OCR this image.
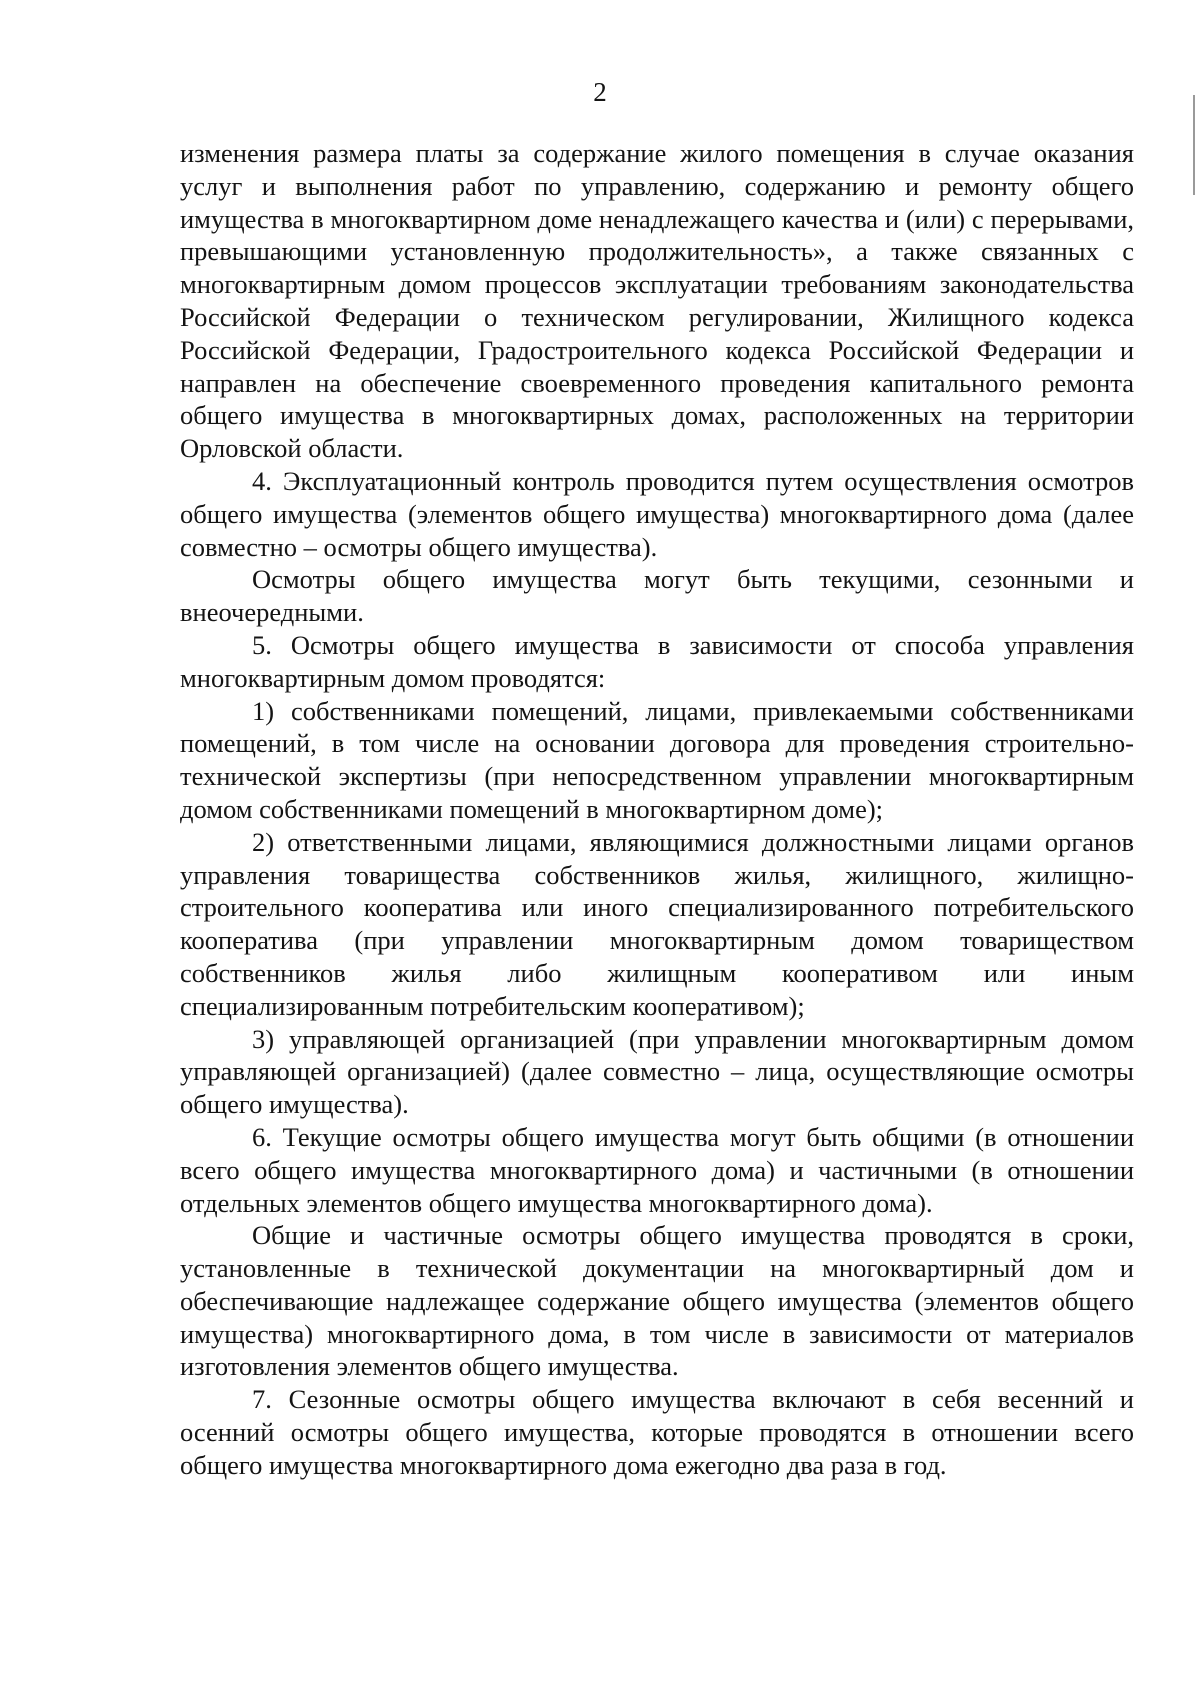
2

изменения размера платы за содержание жилого помещения в случае оказания услуг и выполнения работ по управлению, содержанию и ремонту общего имущества в многоквартирном доме ненадлежащего качества и (или) с перерывами, превышающими установленную продолжительность», а также связанных с многоквартирным домом процессов эксплуатации требованиям законодательства Российской Федерации о техническом регулировании, Жилищного кодекса Российской Федерации, Градостроительного кодекса Российской Федерации и направлен на обеспечение своевременного проведения капитального ремонта общего имущества в многоквартирных домах, расположенных на территории Орловской области.

4. Эксплуатационный контроль проводится путем осуществления осмотров общего имущества (элементов общего имущества) многоквартирного дома (далее совместно – осмотры общего имущества).

Осмотры общего имущества могут быть текущими, сезонными и внеочередными.

5. Осмотры общего имущества в зависимости от способа управления многоквартирным домом проводятся:

1) собственниками помещений, лицами, привлекаемыми собственниками помещений, в том числе на основании договора для проведения строительно-технической экспертизы (при непосредственном управлении многоквартирным домом собственниками помещений в многоквартирном доме);

2) ответственными лицами, являющимися должностными лицами органов управления товарищества собственников жилья, жилищного, жилищно-строительного кооператива или иного специализированного потребительского кооператива (при управлении многоквартирным домом товариществом собственников жилья либо жилищным кооперативом или иным специализированным потребительским кооперативом);

3) управляющей организацией (при управлении многоквартирным домом управляющей организацией) (далее совместно – лица, осуществляющие осмотры общего имущества).

6. Текущие осмотры общего имущества могут быть общими (в отношении всего общего имущества многоквартирного дома) и частичными (в отношении отдельных элементов общего имущества многоквартирного дома).

Общие и частичные осмотры общего имущества проводятся в сроки, установленные в технической документации на многоквартирный дом и обеспечивающие надлежащее содержание общего имущества (элементов общего имущества) многоквартирного дома, в том числе в зависимости от материалов изготовления элементов общего имущества.

7. Сезонные осмотры общего имущества включают в себя весенний и осенний осмотры общего имущества, которые проводятся в отношении всего общего имущества многоквартирного дома ежегодно два раза в год.
